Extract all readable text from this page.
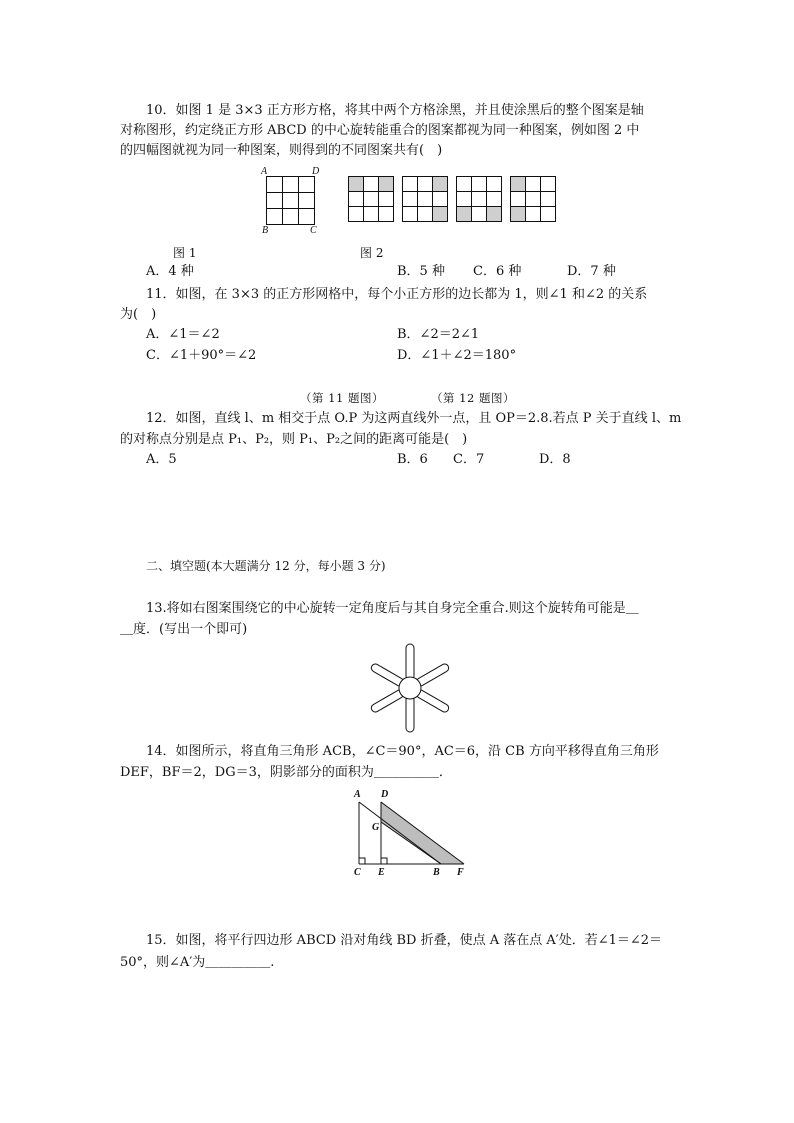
10．如图 1 是 3×3 正方形方格，将其中两个方格涂黑，并且使涂黑后的整个图案是轴
对称图形，约定绕正方形 ABCD 的中心旋转能重合的图案都视为同一种图案，例如图 2 中
的四幅图就视为同一种图案，则得到的不同图案共有(　)
A	D
B	C
图 1	图 2
A．4 种	B．5 种 C．6 种	D．7 种
11．如图，在 3×3 的正方形网格中，每个小正方形的边长都为 1，则∠1 和∠2 的关系
为(　)
A．∠1＝∠2	B．∠2＝2∠1
C．∠1＋90°＝∠2	D．∠1＋∠2＝180°
（第 11 题图）	（第 12 题图）
12．如图，直线 l、m 相交于点 O.P 为这两直线外一点，且 OP＝2.8.若点 P 关于直线 l、m
的对称点分别是点 P₁、P₂，则 P₁、P₂之间的距离可能是(　)
A．5	B．6 C．7	D．8
二、填空题(本大题满分 12 分，每小题 3 分)
13.将如右图案围绕它的中心旋转一定角度后与其自身完全重合.则这个旋转角可能是＿
＿度．(写出一个即可)
14．如图所示，将直角三角形 ACB，∠C＝90°，AC＝6，沿 CB 方向平移得直角三角形
DEF，BF＝2，DG＝3，阴影部分的面积为＿＿＿＿＿．
A D
G
C E	B F
15．如图，将平行四边形 ABCD 沿对角线 BD 折叠，使点 A 落在点 A′处．若∠1＝∠2＝
50°，则∠A′为＿＿＿＿＿.
